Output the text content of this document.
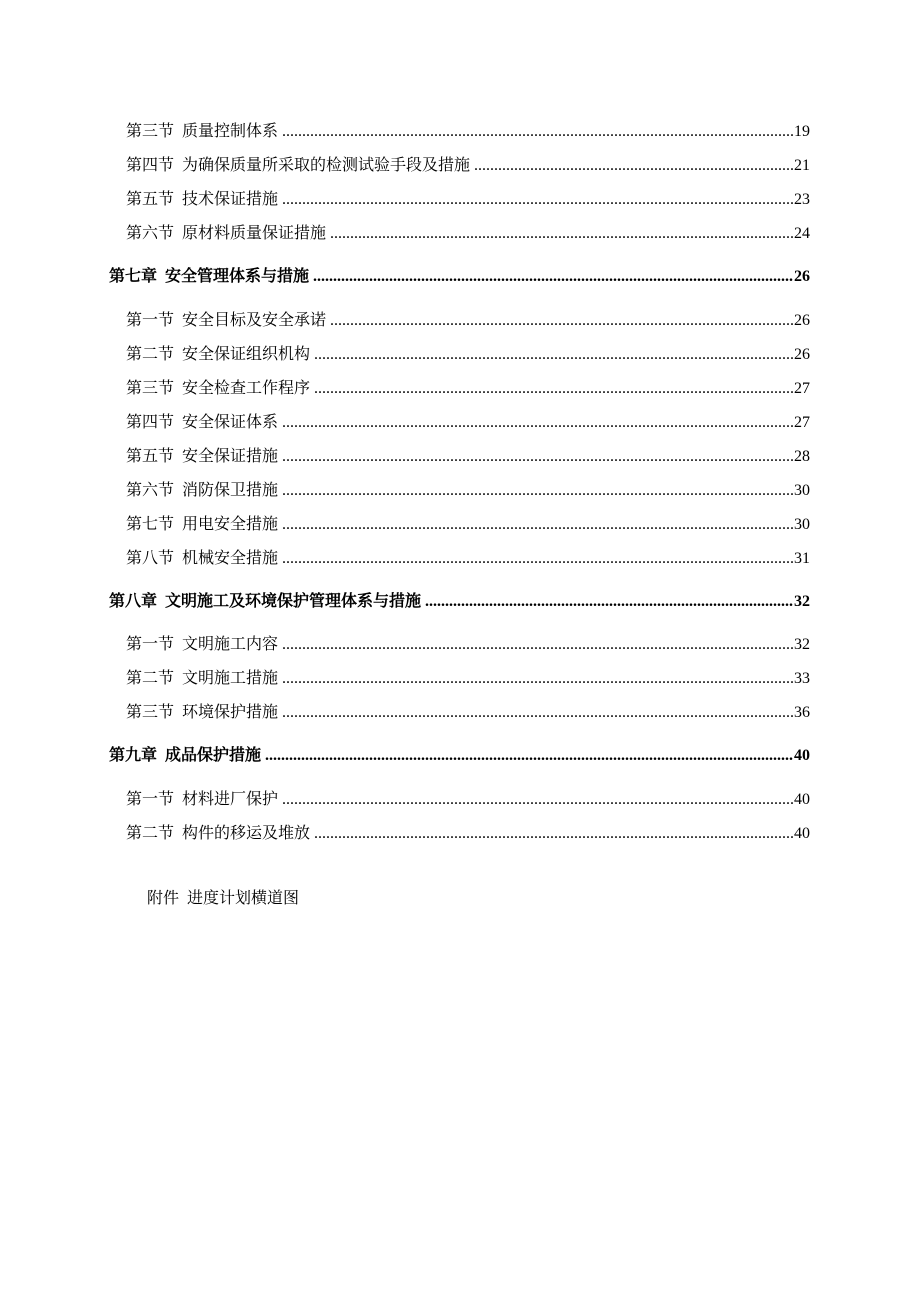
第三节 质量控制体系 .....	19
第四节 为确保质量所采取的检测试验手段及措施 .....	21
第五节 技术保证措施 .....	23
第六节 原材料质量保证措施 .....	24
第七章 安全管理体系与措施 .....	26
第一节 安全目标及安全承诺 .....	26
第二节 安全保证组织机构 .....	26
第三节 安全检查工作程序 .....	27
第四节 安全保证体系 .....	27
第五节 安全保证措施 .....	28
第六节 消防保卫措施 .....	30
第七节 用电安全措施 .....	30
第八节 机械安全措施 .....	31
第八章 文明施工及环境保护管理体系与措施 .....	32
第一节 文明施工内容 .....	32
第二节 文明施工措施 .....	33
第三节 环境保护措施 .....	36
第九章 成品保护措施 .....	40
第一节 材料进厂保护 .....	40
第二节 构件的移运及堆放 .....	40
附件 进度计划横道图
